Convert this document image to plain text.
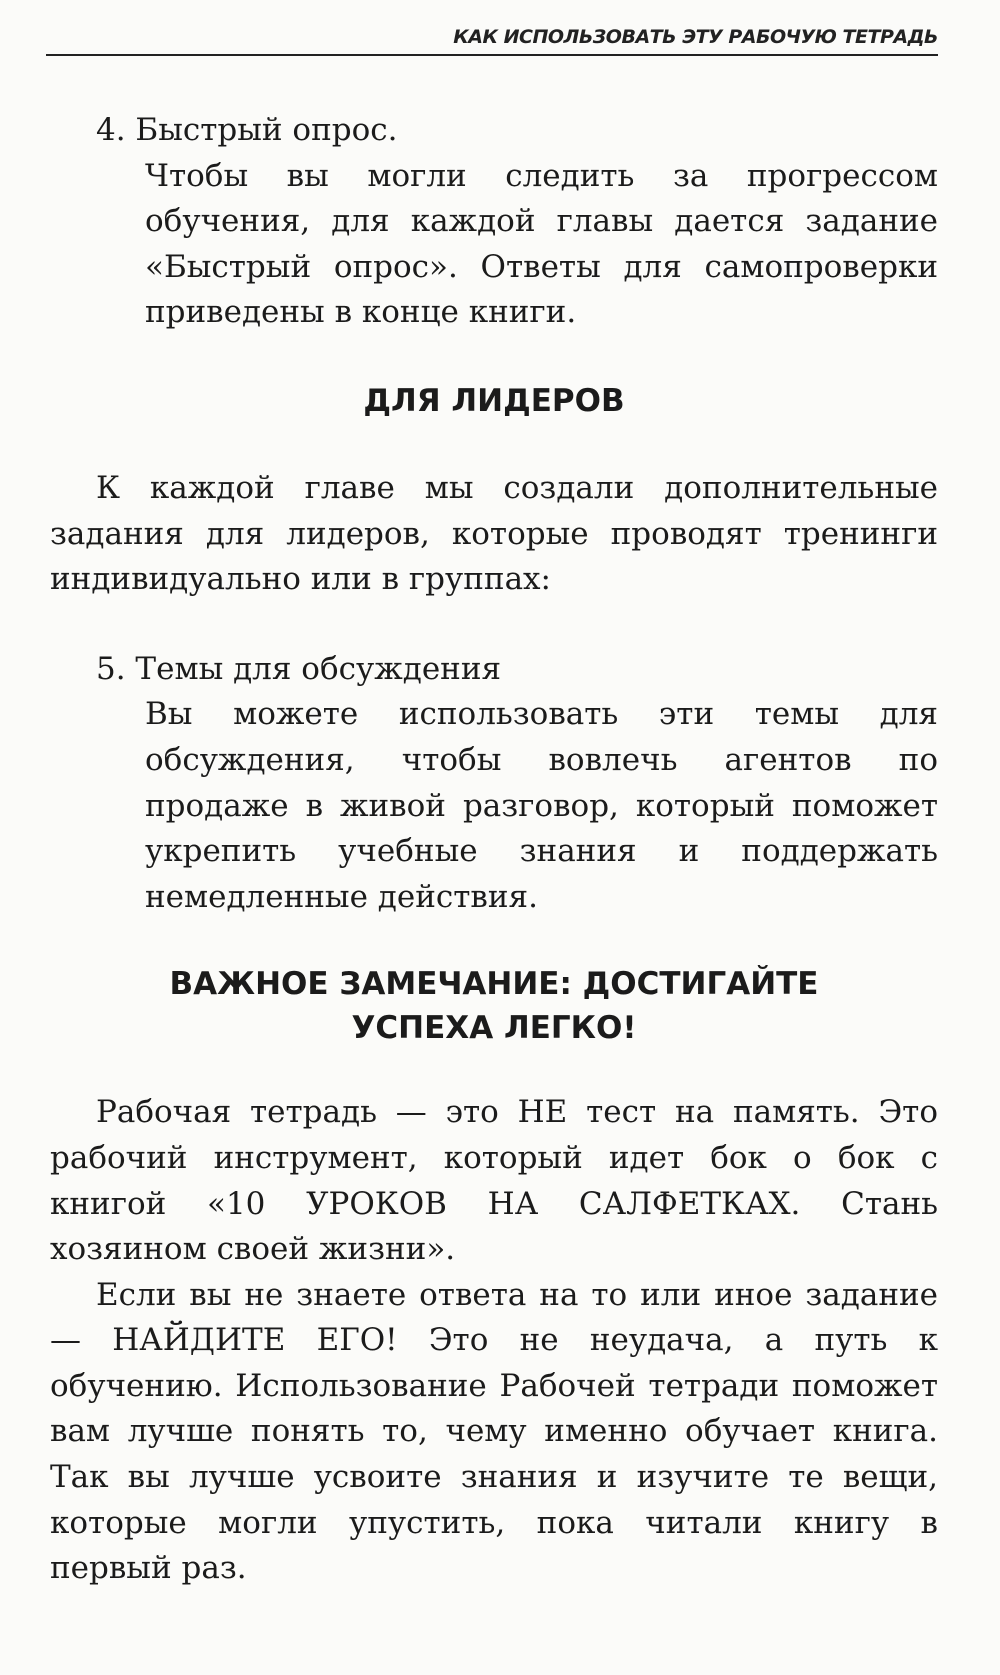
КАК ИСПОЛЬЗОВАТЬ ЭТУ РАБОЧУЮ ТЕТРАДЬ

4. Быстрый опрос.

Чтобы вы могли следить за прогрессом обучения, для каждой главы дается задание «Быстрый опрос». Ответы для самопроверки приведены в конце книги.

ДЛЯ ЛИДЕРОВ

К каждой главе мы создали дополнительные задания для лидеров, которые проводят тренинги индивидуально или в группах:

5. Темы для обсуждения

Вы можете использовать эти темы для обсуждения, чтобы вовлечь агентов по продаже в живой разговор, который поможет укрепить учебные знания и поддержать немедленные действия.

ВАЖНОЕ ЗАМЕЧАНИЕ: ДОСТИГАЙТЕ
УСПЕХА ЛЕГКО!

Рабочая тетрадь — это НЕ тест на память. Это рабочий инструмент, который идет бок о бок с книгой «10 УРОКОВ НА САЛФЕТКАХ. Стань хозяином своей жизни».

Если вы не знаете ответа на то или иное задание — НАЙДИТЕ ЕГО! Это не неудача, а путь к обучению. Использование Рабочей тетради поможет вам лучше понять то, чему именно обучает книга. Так вы лучше усвоите знания и изучите те вещи, которые могли упустить, пока читали книгу в первый раз.
